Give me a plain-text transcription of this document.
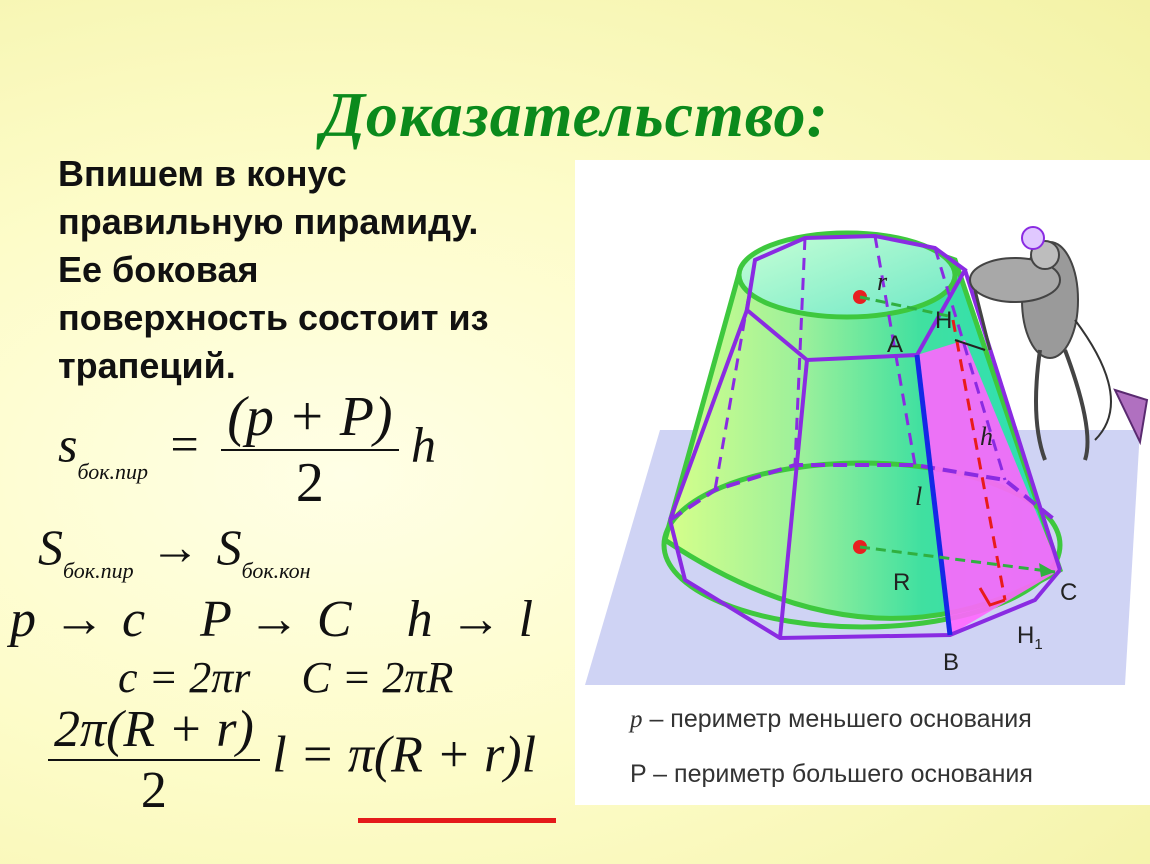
Доказательство:
Впишем в конус
правильную пирамиду.
Ее боковая
поверхность состоит из
трапеций.
$s_{бок.пир} = \frac{(p + P)}{2}$ h
$S_{бок.пир} \to S_{бок.кон}$
p → c P → C h → l
c = 2πr C = 2πR
$\frac{2\pi(R + r)}{2}$ l = π(R + r)l
r
H
A
h
l
R	C
B
$H_1$
p – периметр меньшего основания
P – периметр большего основания
